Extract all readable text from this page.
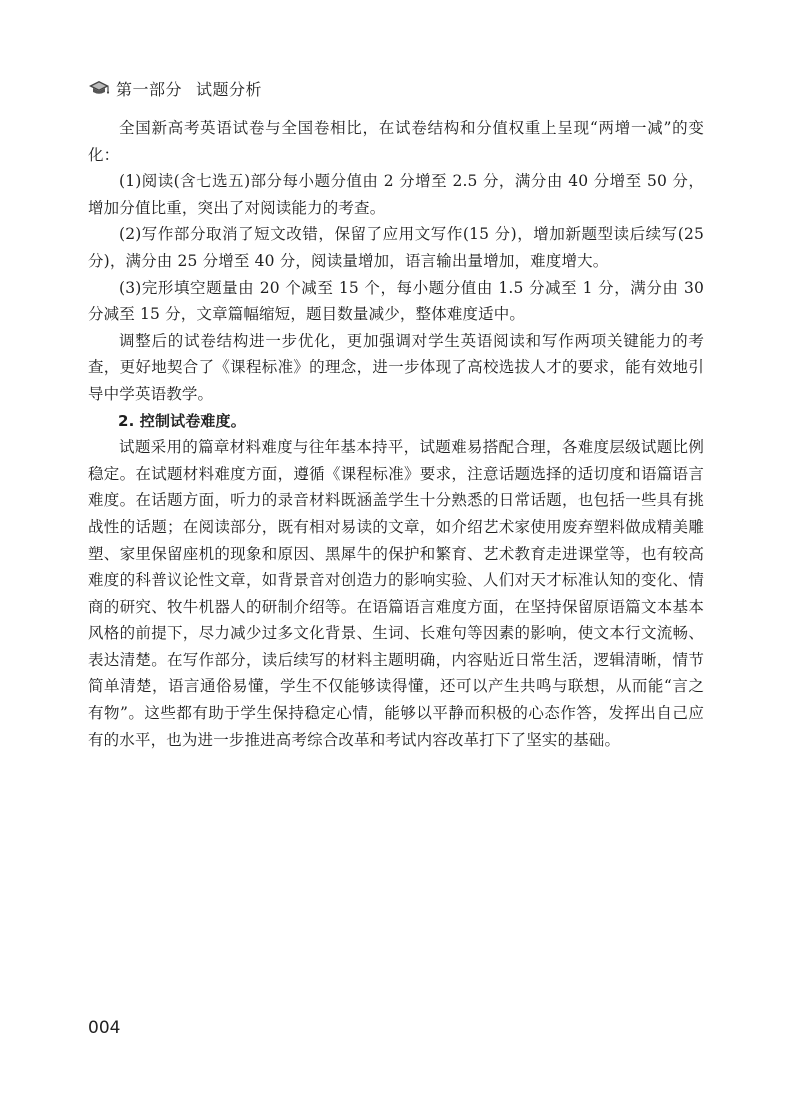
第一部分 试题分析

全国新高考英语试卷与全国卷相比，在试卷结构和分值权重上呈现“两增一减”的变化：

(1)阅读(含七选五)部分每小题分值由 2 分增至 2.5 分，满分由 40 分增至 50 分，增加分值比重，突出了对阅读能力的考查。

(2)写作部分取消了短文改错，保留了应用文写作(15 分)，增加新题型读后续写(25 分)，满分由 25 分增至 40 分，阅读量增加，语言输出量增加，难度增大。

(3)完形填空题量由 20 个减至 15 个，每小题分值由 1.5 分减至 1 分，满分由 30 分减至 15 分，文章篇幅缩短，题目数量减少，整体难度适中。

调整后的试卷结构进一步优化，更加强调对学生英语阅读和写作两项关键能力的考查，更好地契合了《课程标准》的理念，进一步体现了高校选拔人才的要求，能有效地引导中学英语教学。

2. 控制试卷难度。

试题采用的篇章材料难度与往年基本持平，试题难易搭配合理，各难度层级试题比例稳定。在试题材料难度方面，遵循《课程标准》要求，注意话题选择的适切度和语篇语言难度。在话题方面，听力的录音材料既涵盖学生十分熟悉的日常话题，也包括一些具有挑战性的话题；在阅读部分，既有相对易读的文章，如介绍艺术家使用废弃塑料做成精美雕塑、家里保留座机的现象和原因、黑犀牛的保护和繁育、艺术教育走进课堂等，也有较高难度的科普议论性文章，如背景音对创造力的影响实验、人们对天才标准认知的变化、情商的研究、牧牛机器人的研制介绍等。在语篇语言难度方面，在坚持保留原语篇文本基本风格的前提下，尽力减少过多文化背景、生词、长难句等因素的影响，使文本行文流畅、表达清楚。在写作部分，读后续写的材料主题明确，内容贴近日常生活，逻辑清晰，情节简单清楚，语言通俗易懂，学生不仅能够读得懂，还可以产生共鸣与联想，从而能“言之有物”。这些都有助于学生保持稳定心情，能够以平静而积极的心态作答，发挥出自己应有的水平，也为进一步推进高考综合改革和考试内容改革打下了坚实的基础。

004
